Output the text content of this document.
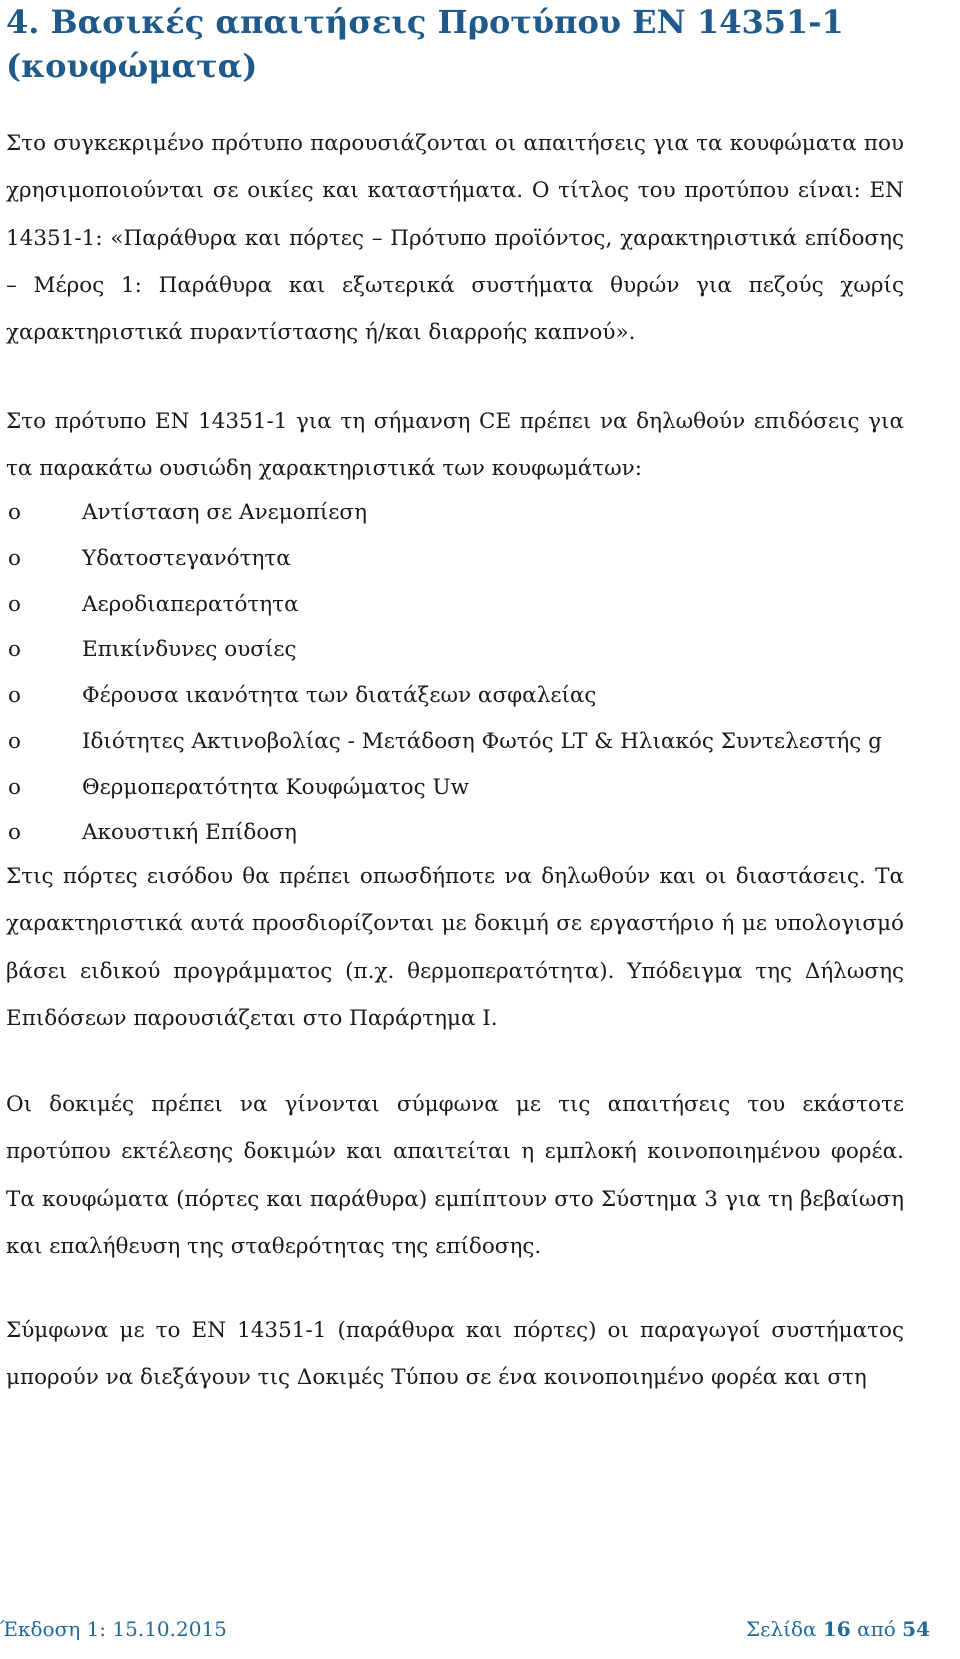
4. Βασικές απαιτήσεις Προτύπου ΕΝ 14351-1
(κουφώματα)

Στο συγκεκριμένο πρότυπο παρουσιάζονται οι απαιτήσεις για τα κουφώματα που χρησιμοποιούνται σε οικίες και καταστήματα. Ο τίτλος του προτύπου είναι: ΕΝ 14351-1: «Παράθυρα και πόρτες – Πρότυπο προϊόντος, χαρακτηριστικά επίδοσης – Μέρος 1: Παράθυρα και εξωτερικά συστήματα θυρών για πεζούς χωρίς χαρακτηριστικά πυραντίστασης ή/και διαρροής καπνού».

Στο πρότυπο ΕΝ 14351-1 για τη σήμανση CE πρέπει να δηλωθούν επιδόσεις για τα παρακάτω ουσιώδη χαρακτηριστικά των κουφωμάτων:

o	Αντίσταση σε Ανεμοπίεση
o	Υδατοστεγανότητα
o	Αεροδιαπερατότητα
o	Επικίνδυνες ουσίες
o	Φέρουσα ικανότητα των διατάξεων ασφαλείας
o	Ιδιότητες Ακτινοβολίας - Μετάδοση Φωτός LT & Ηλιακός Συντελεστής g
o	Θερμοπερατότητα Κουφώματος Uw
o	Ακουστική Επίδοση

Στις πόρτες εισόδου θα πρέπει οπωσδήποτε να δηλωθούν και οι διαστάσεις. Τα χαρακτηριστικά αυτά προσδιορίζονται με δοκιμή σε εργαστήριο ή με υπολογισμό βάσει ειδικού προγράμματος (π.χ. θερμοπερατότητα). Υπόδειγμα της Δήλωσης Επιδόσεων παρουσιάζεται στο Παράρτημα Ι.

Οι δοκιμές πρέπει να γίνονται σύμφωνα με τις απαιτήσεις του εκάστοτε προτύπου εκτέλεσης δοκιμών και απαιτείται η εμπλοκή κοινοποιημένου φορέα. Τα κουφώματα (πόρτες και παράθυρα) εμπίπτουν στο Σύστημα 3 για τη βεβαίωση και επαλήθευση της σταθερότητας της επίδοσης.

Σύμφωνα με το ΕΝ 14351-1 (παράθυρα και πόρτες) οι παραγωγοί συστήματος μπορούν να διεξάγουν τις Δοκιμές Τύπου σε ένα κοινοποιημένο φορέα και στη

Έκδοση 1: 15.10.2015	Σελίδα 16 από 54
